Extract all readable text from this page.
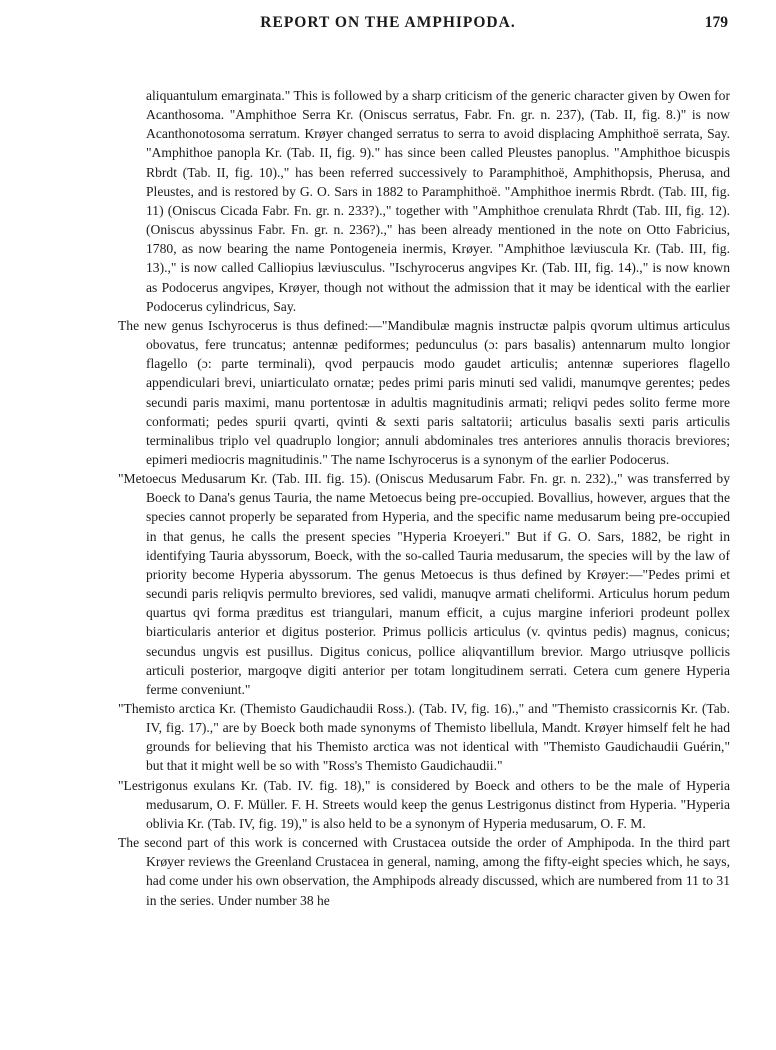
REPORT ON THE AMPHIPODA.	179

aliquantulum emarginata." This is followed by a sharp criticism of the generic character given by Owen for Acanthosoma. "Amphithoe Serra Kr. (Oniscus serratus, Fabr. Fn. gr. n. 237), (Tab. II, fig. 8.)" is now Acanthonotosoma serratum. Krøyer changed serratus to serra to avoid displacing Amphithoë serrata, Say. "Amphithoe panopla Kr. (Tab. II, fig. 9)." has since been called Pleustes panoplus. "Amphithoe bicuspis Rbrdt (Tab. II, fig. 10).," has been referred successively to Paramphithoë, Amphithopsis, Pherusa, and Pleustes, and is restored by G. O. Sars in 1882 to Paramphithoë. "Amphithoe inermis Rbrdt. (Tab. III, fig. 11) (Oniscus Cicada Fabr. Fn. gr. n. 233?).," together with "Amphithoe crenulata Rhrdt (Tab. III, fig. 12). (Oniscus abyssinus Fabr. Fn. gr. n. 236?).," has been already mentioned in the note on Otto Fabricius, 1780, as now bearing the name Pontogeneia inermis, Krøyer. "Amphithoe læviuscula Kr. (Tab. III, fig. 13).," is now called Calliopius læviusculus. "Ischyrocerus angvipes Kr. (Tab. III, fig. 14).," is now known as Podocerus angvipes, Krøyer, though not without the admission that it may be identical with the earlier Podocerus cylindricus, Say.

The new genus Ischyrocerus is thus defined:—"Mandibulæ magnis instructæ palpis qvorum ultimus articulus obovatus, fere truncatus; antennæ pediformes; pedunculus (ɔ: pars basalis) antennarum multo longior flagello (ɔ: parte terminali), qvod perpaucis modo gaudet articulis; antennæ superiores flagello appendiculari brevi, uniarticulato ornatæ; pedes primi paris minuti sed validi, manumqve gerentes; pedes secundi paris maximi, manu portentosæ in adultis magnitudinis armati; reliqvi pedes solito ferme more conformati; pedes spurii qvarti, qvinti & sexti paris saltatorii; articulus basalis sexti paris articulis terminalibus triplo vel quadruplo longior; annuli abdominales tres anteriores annulis thoracis breviores; epimeri mediocris magnitudinis." The name Ischyrocerus is a synonym of the earlier Podocerus.

"Metoecus Medusarum Kr. (Tab. III. fig. 15). (Oniscus Medusarum Fabr. Fn. gr. n. 232).," was transferred by Boeck to Dana's genus Tauria, the name Metoecus being pre-occupied. Bovallius, however, argues that the species cannot properly be separated from Hyperia, and the specific name medusarum being pre-occupied in that genus, he calls the present species "Hyperia Kroeyeri." But if G. O. Sars, 1882, be right in identifying Tauria abyssorum, Boeck, with the so-called Tauria medusarum, the species will by the law of priority become Hyperia abyssorum. The genus Metoecus is thus defined by Krøyer:—"Pedes primi et secundi paris reliqvis permulto breviores, sed validi, manuqve armati cheliformi. Articulus horum pedum quartus qvi forma præditus est triangulari, manum efficit, a cujus margine inferiori prodeunt pollex biarticularis anterior et digitus posterior. Primus pollicis articulus (v. qvintus pedis) magnus, conicus; secundus ungvis est pusillus. Digitus conicus, pollice aliqvantillum brevior. Margo utriusqve pollicis articuli posterior, margoqve digiti anterior per totam longitudinem serrati. Cetera cum genere Hyperia ferme conveniunt."

"Themisto arctica Kr. (Themisto Gaudichaudii Ross.). (Tab. IV, fig. 16).," and "Themisto crassicornis Kr. (Tab. IV, fig. 17).," are by Boeck both made synonyms of Themisto libellula, Mandt. Krøyer himself felt he had grounds for believing that his Themisto arctica was not identical with "Themisto Gaudichaudii Guérin," but that it might well be so with "Ross's Themisto Gaudichaudii."

"Lestrigonus exulans Kr. (Tab. IV. fig. 18)," is considered by Boeck and others to be the male of Hyperia medusarum, O. F. Müller. F. H. Streets would keep the genus Lestrigonus distinct from Hyperia. "Hyperia oblivia Kr. (Tab. IV, fig. 19)," is also held to be a synonym of Hyperia medusarum, O. F. M.

The second part of this work is concerned with Crustacea outside the order of Amphipoda. In the third part Krøyer reviews the Greenland Crustacea in general, naming, among the fifty-eight species which, he says, had come under his own observation, the Amphipods already discussed, which are numbered from 11 to 31 in the series. Under number 38 he
